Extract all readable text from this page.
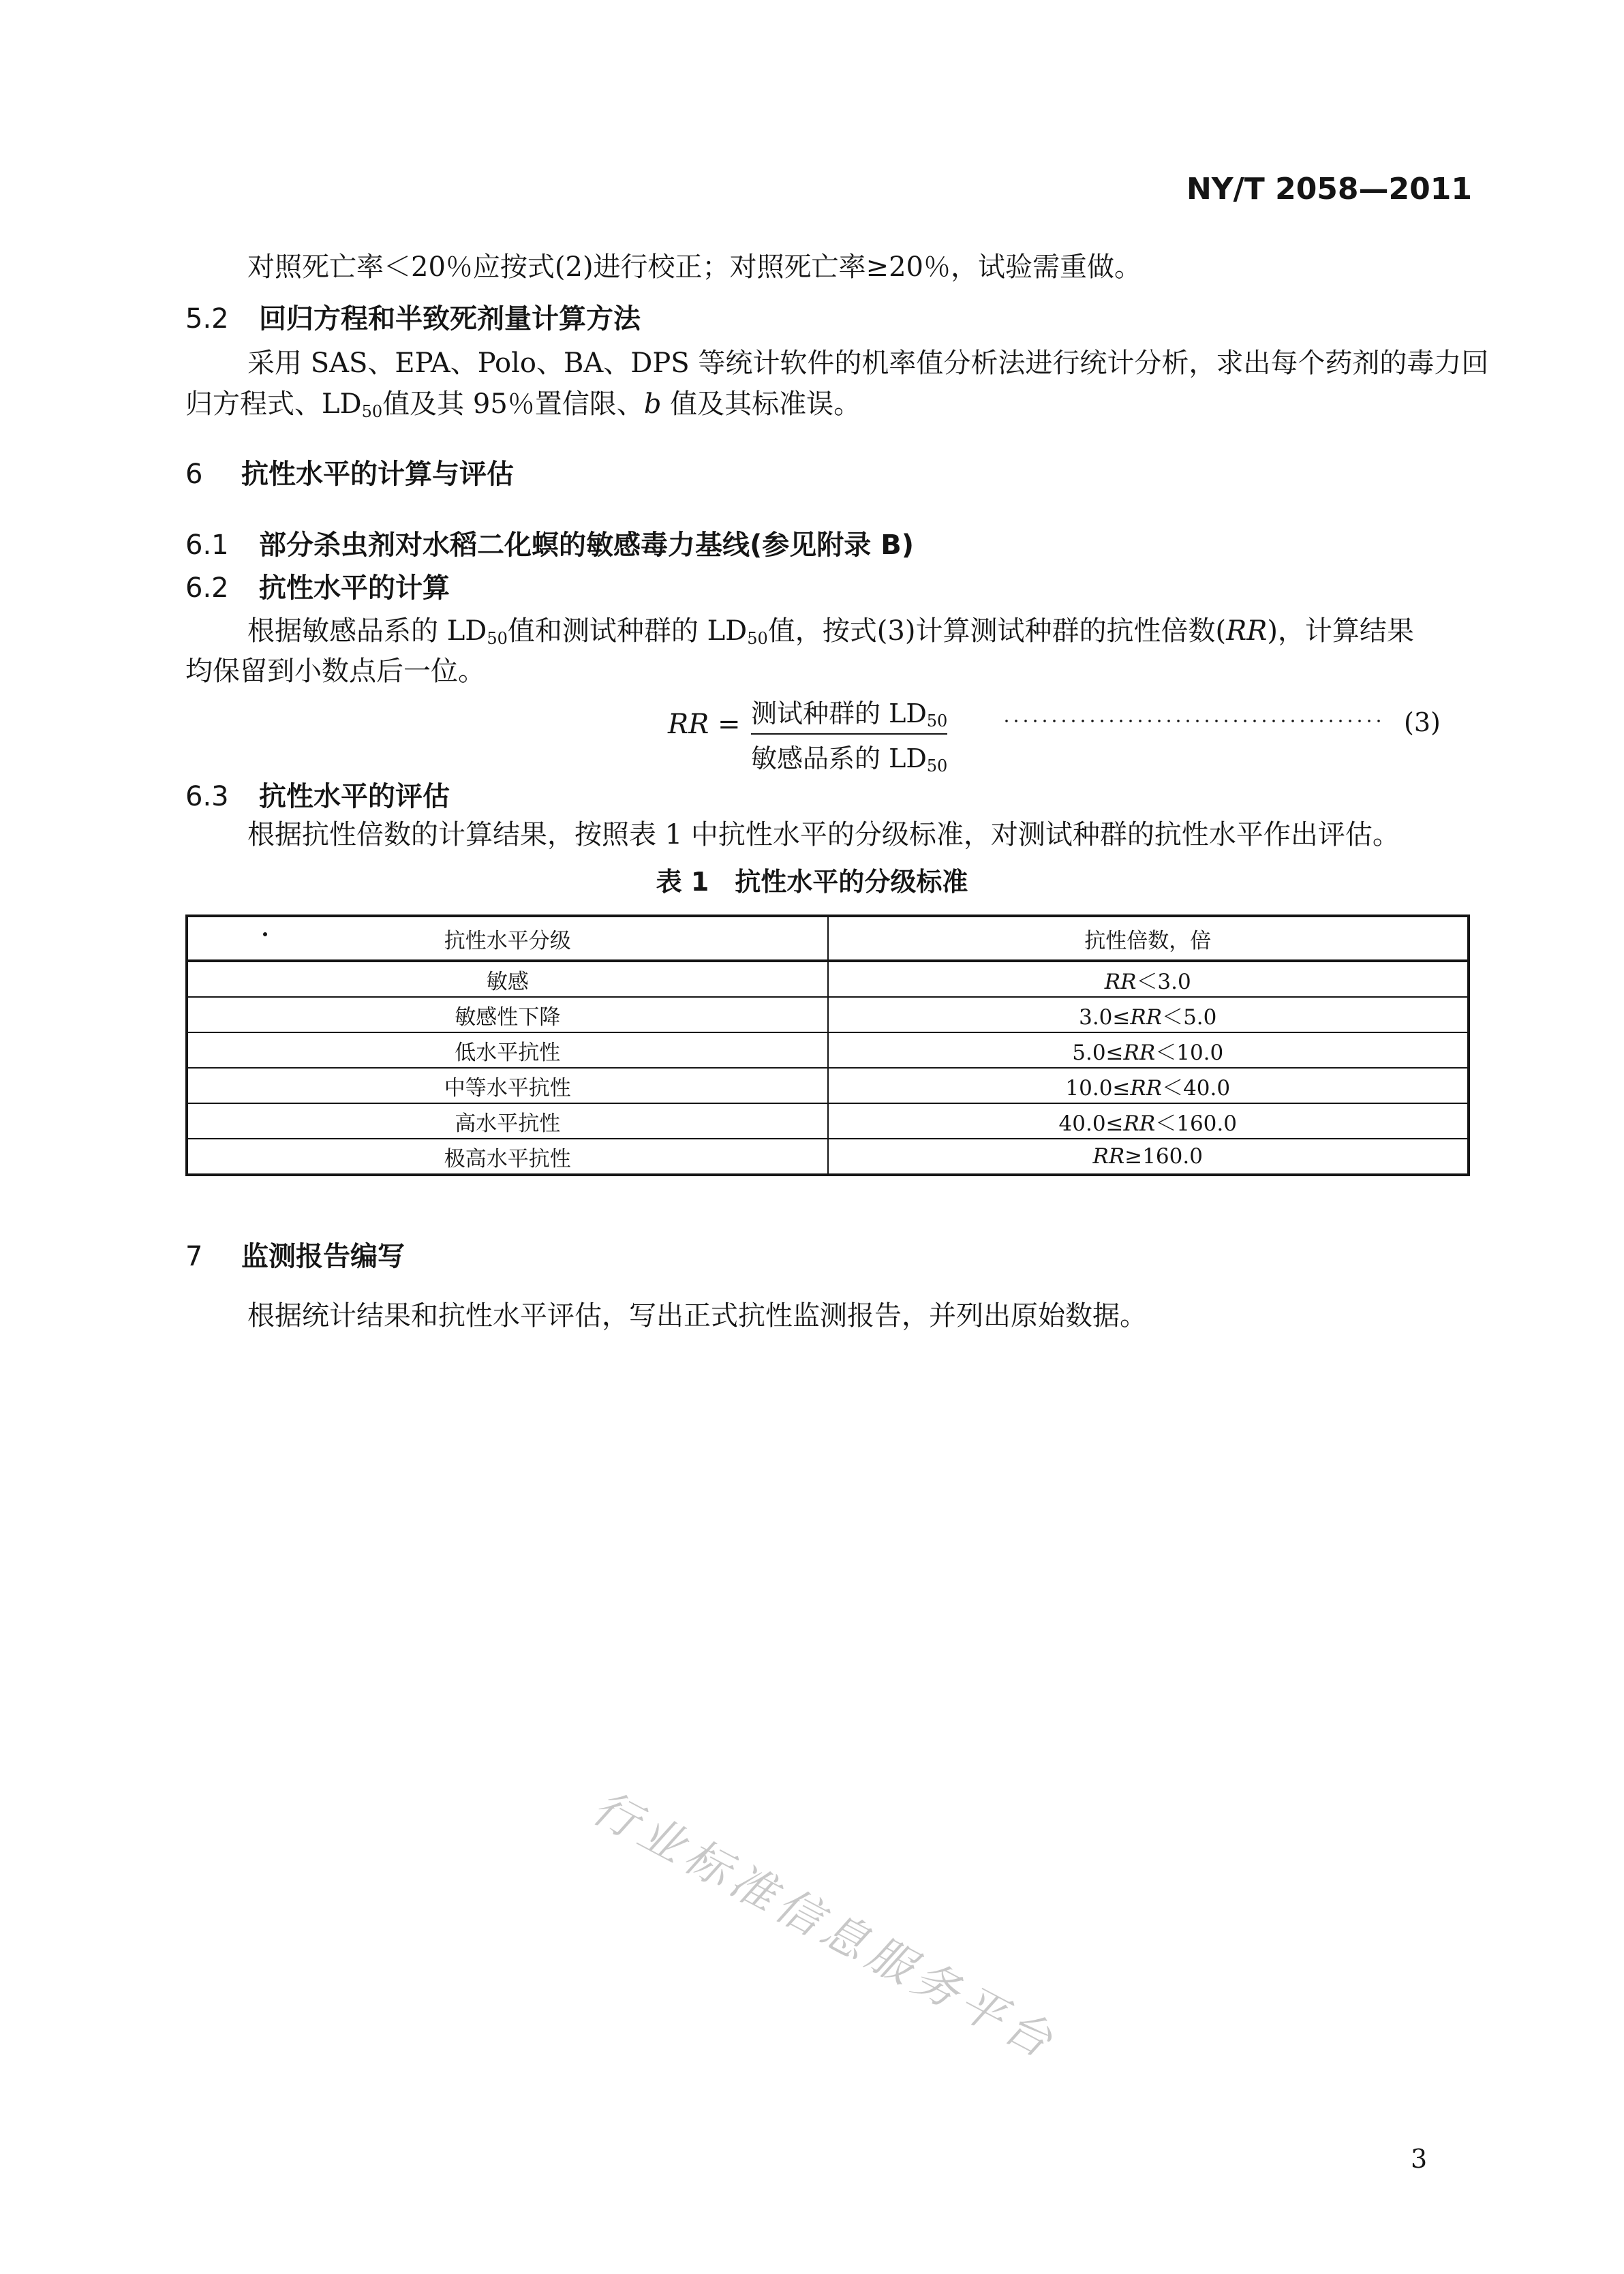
NY/T 2058—2011
对照死亡率＜20％应按式(2)进行校正；对照死亡率≥20％，试验需重做。
5.2 回归方程和半致死剂量计算方法
采用 SAS、EPA、Polo、BA、DPS 等统计软件的机率值分析法进行统计分析，求出每个药剂的毒力回
归方程式、$LD_{50}$值及其 95％置信限、b 值及其标准误。
6 抗性水平的计算与评估
6.1 部分杀虫剂对水稻二化螟的敏感毒力基线(参见附录 B)
6.2 抗性水平的计算
根据敏感品系的 $LD_{50}$值和测试种群的 $LD_{50}$值，按式(3)计算测试种群的抗性倍数(RR)，计算结果
均保留到小数点后一位。
RR = 测试种群的 $LD_{50}$
敏感品系的 $LD_{50}$
(3)
6.3 抗性水平的评估
根据抗性倍数的计算结果，按照表 1 中抗性水平的分级标准，对测试种群的抗性水平作出评估。
表 1　抗性水平的分级标准
抗性水平分级	抗性倍数，倍
敏感	RR＜3.0
敏感性下降	3.0≤RR＜5.0
低水平抗性	5.0≤RR＜10.0
中等水平抗性	10.0≤RR＜40.0
高水平抗性	40.0≤RR＜160.0
极高水平抗性	RR≥160.0
7 监测报告编写
根据统计结果和抗性水平评估，写出正式抗性监测报告，并列出原始数据。
行业标准信息服务平台
3
